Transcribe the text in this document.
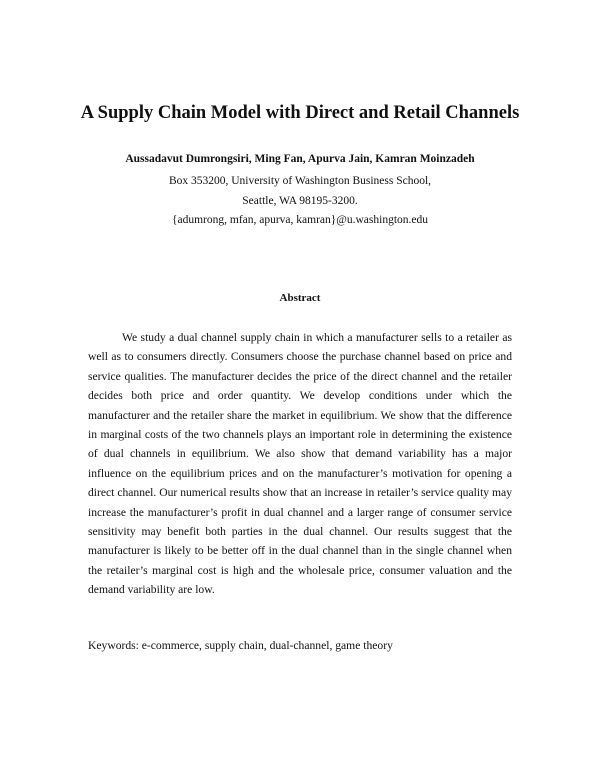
A Supply Chain Model with Direct and Retail Channels

Aussadavut Dumrongsiri, Ming Fan, Apurva Jain, Kamran Moinzadeh

Box 353200, University of Washington Business School,

Seattle, WA 98195-3200.

{adumrong, mfan, apurva, kamran}@u.washington.edu

Abstract

We study a dual channel supply chain in which a manufacturer sells to a retailer as well as to consumers directly. Consumers choose the purchase channel based on price and service qualities. The manufacturer decides the price of the direct channel and the retailer decides both price and order quantity. We develop conditions under which the manufacturer and the retailer share the market in equilibrium. We show that the difference in marginal costs of the two channels plays an important role in determining the existence of dual channels in equilibrium. We also show that demand variability has a major influence on the equilibrium prices and on the manufacturer’s motivation for opening a direct channel. Our numerical results show that an increase in retailer’s service quality may increase the manufacturer’s profit in dual channel and a larger range of consumer service sensitivity may benefit both parties in the dual channel. Our results suggest that the manufacturer is likely to be better off in the dual channel than in the single channel when the retailer’s marginal cost is high and the wholesale price, consumer valuation and the demand variability are low.

Keywords: e-commerce, supply chain, dual-channel, game theory
